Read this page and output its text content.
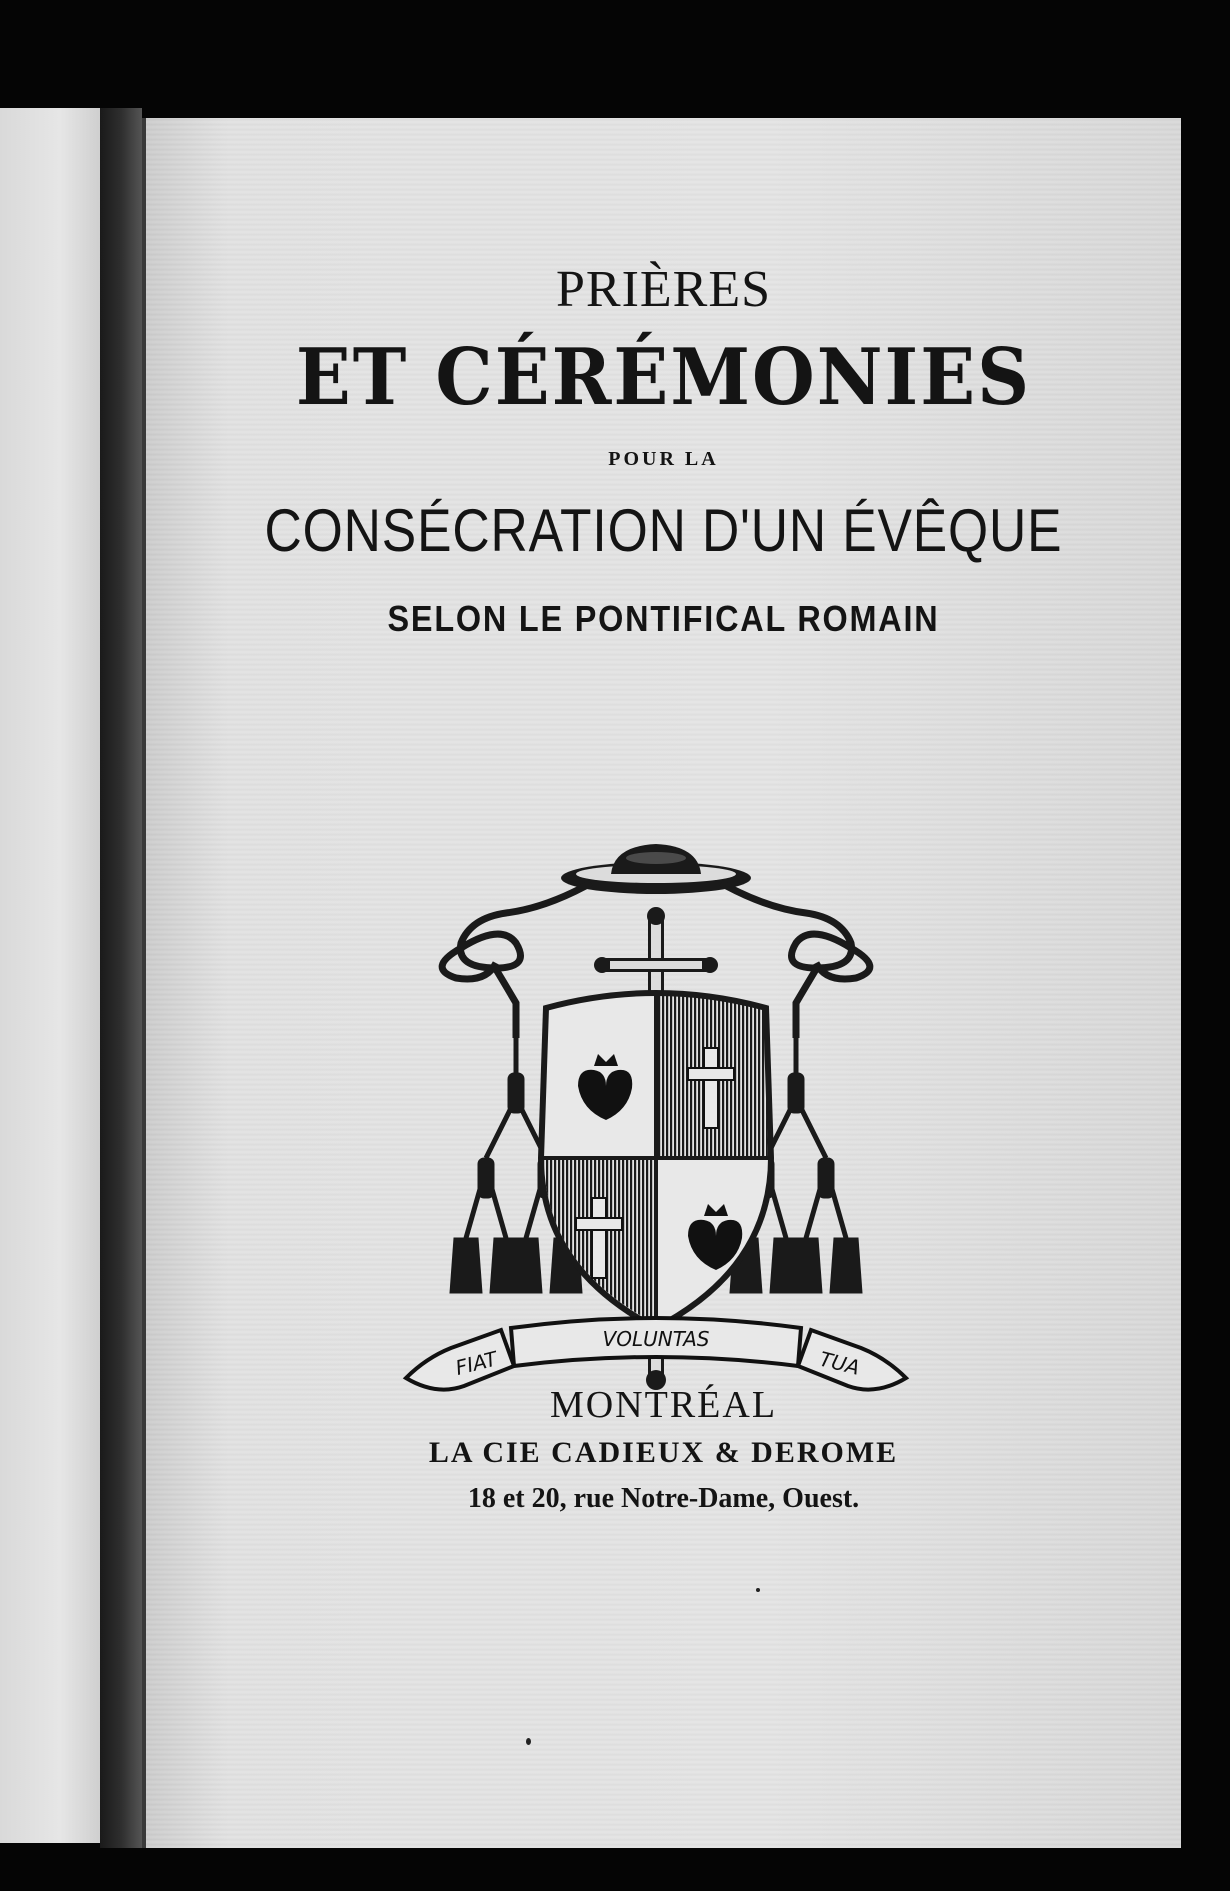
PRIÈRES
ET CÉRÉMONIES
POUR LA
CONSÉCRATION D'UN ÉVÊQUE
SELON LE PONTIFICAL ROMAIN
FIAT
VOLUNTAS
TUA
MONTRÉAL
LA CIE CADIEUX & DEROME
18 et 20, rue Notre-Dame, Ouest.
